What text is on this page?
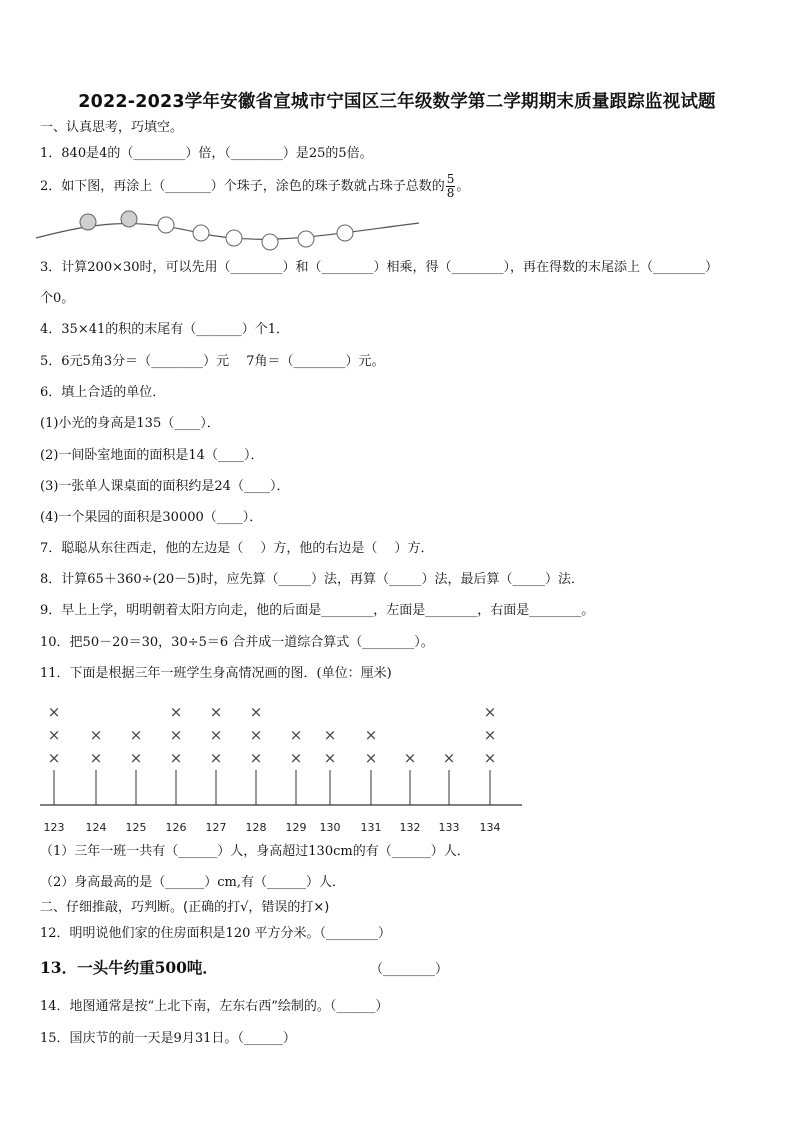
2022-2023学年安徽省宣城市宁国区三年级数学第二学期期末质量跟踪监视试题
一、认真思考，巧填空。
1．840是4的（________）倍，（________）是25的5倍。
2．如下图，再涂上（_______）个珠子，涂色的珠子数就占珠子总数的 $\frac{5}{8}$ 。
3．计算200×30时，可以先用（________）和（________）相乘，得（________），再在得数的末尾添上（________）
个0。
4．35×41的积的末尾有（_______）个1．
5．6元5角3分＝（________）元　 7角＝（________）元。
6．填上合适的单位．
(1)小光的身高是135（____）．
(2)一间卧室地面的面积是14（____）．
(3)一张单人课桌面的面积约是24（____）．
(4)一个果园的面积是30000（____）．
7．聪聪从东往西走，他的左边是（　 ）方，他的右边是（　 ）方．
8．计算65＋360÷(20－5)时，应先算（_____）法，再算（_____）法，最后算（_____）法．
9．早上上学，明明朝着太阳方向走，他的后面是________，左面是________，右面是________。
10．把50－20＝30，30÷5＝6 合并成一道综合算式（________）。
11．下面是根据三年一班学生身高情况画的图．(单位：厘米)
×
×
×
×
×
×
×
×
×
×
×
×
×
×
×
×
×
×
×
×
×
×
× × ×
×
×
123 124 125 126 127 128 129 130 131 132 133 134
（1）三年一班一共有（______）人，身高超过130cm的有（______）人．
（2）身高最高的是（______）cm,有（______）人．
二、仔细推敲，巧判断。(正确的打√，错误的打×)
12．明明说他们家的住房面积是120 平方分米。（________）
13．一头牛约重500吨．	（________）
14．地图通常是按“上北下南，左东右西”绘制的。（______）
15．国庆节的前一天是9月31日。（______）
